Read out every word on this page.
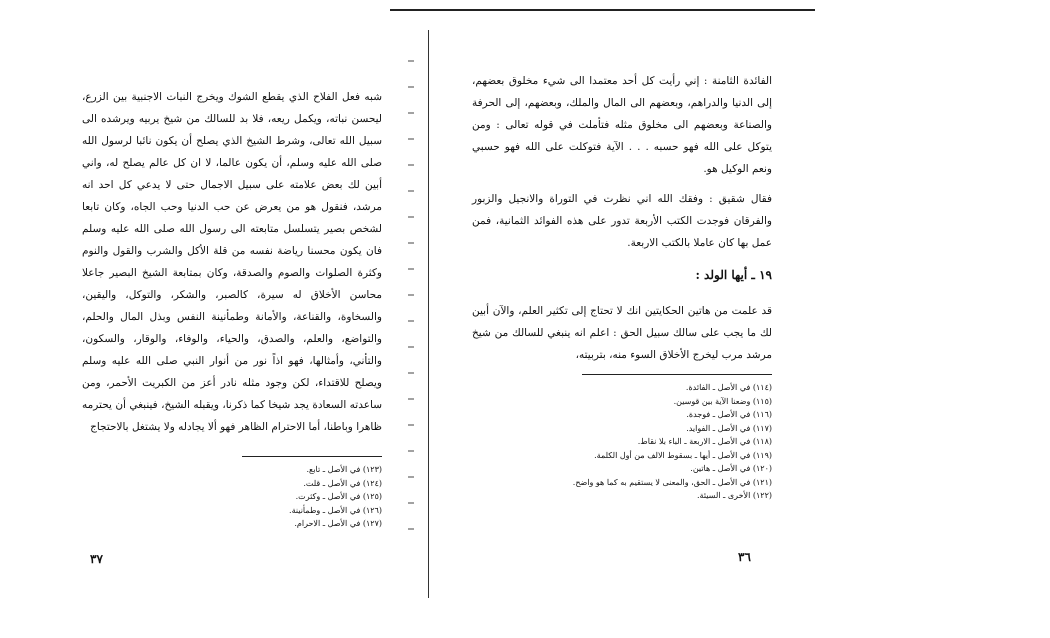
شبه فعل الفلاح الذي يقطع الشوك ويخرج النبات الاجنبية بين الزرع، ليحسن نباته، ويكمل ريعه، فلا بد للسالك من شيخ يربيه ويرشده الى سبيل الله تعالى، وشرط الشيخ الذي يصلح أن يكون نائبا لرسول الله صلى الله عليه وسلم، أن يكون عالما، لا ان كل عالم يصلح له، واني أبين لك بعض علامته على سبيل الاجمال حتى لا يدعي كل احد انه مرشد، فنقول هو من يعرض عن حب الدنيا وحب الجاه، وكان تابعا لشخص بصير يتسلسل متابعته الى رسول الله صلى الله عليه وسلم فان يكون محسنا رياضة نفسه من قلة الأكل والشرب والقول والنوم وكثرة الصلوات والصوم والصدقة، وكان بمتابعة الشيخ البصير جاعلا محاسن الأخلاق له سيرة، كالصبر، والشكر، والتوكل، واليقين، والسخاوة، والقناعة، والأمانة وطمأنينة النفس وبذل المال والحلم، والتواضع، والعلم، والصدق، والحياء، والوفاء، والوقار، والسكون، والتأني، وأمثالها، فهو اذاً نور من أنوار النبي صلى الله عليه وسلم ويصلح للاقتداء، لكن وجود مثله نادر أعز من الكبريت الأحمر، ومن ساعدته السعادة يجد شيخا كما ذكرنا، ويقبله الشيخ، فينبغي أن يحترمه ظاهرا وباطنا، أما الاحترام الظاهر فهو ألا يجادله ولا يشتغل بالاحتجاج

(١٢٣) في الأصل ـ تابع.
(١٢٤) في الأصل ـ قلت.
(١٢٥) في الأصل ـ وكثرت.
(١٢٦) في الأصل ـ وطمأنينة.
(١٢٧) في الأصل ـ الاحرام.
٣٧

الفائدة الثامنة : إني رأيت كل أحد معتمدا الى شيء مخلوق بعضهم، إلى الدنيا والدراهم، وبعضهم الى المال والملك، وبعضهم، إلى الحرفة والصناعة وبعضهم الى مخلوق مثله فتأملت في قوله تعالى : ومن يتوكل على الله فهو حسبه . . . الآية فتوكلت على الله فهو حسبي ونعم الوكيل هو.

فقال شقيق : وفقك الله اني نظرت في التوراة والانجيل والزبور والفرقان فوجدت الكتب الأربعة تدور على هذه الفوائد الثمانية، فمن عمل بها كان عاملا بالكتب الاربعة.

١٩ ـ أيها الولد :

قد علمت من هاتين الحكايتين انك لا تحتاج إلى تكثير العلم، والآن أبين لك ما يجب على سالك سبيل الحق : اعلم انه ينبغي للسالك من شيخ مرشد مرب ليخرج الأخلاق السوء منه، بتربيته،

(١١٤) في الأصل ـ الفائدة.
(١١٥) وضعنا الآية بين قوسين.
(١١٦) في الأصل ـ فوجدة.
(١١٧) في الأصل ـ الفوايد.
(١١٨) في الأصل ـ الاربعة ـ الباء بلا نقاط.
(١١٩) في الأصل ـ أيها ـ بسقوط الالف من أول الكلمة.
(١٢٠) في الأصل ـ هاتين.
(١٢١) في الأصل ـ الحق، والمعنى لا يستقيم به كما هو واضح.
(١٢٢) الأخرى ـ السيئة.
٣٦
